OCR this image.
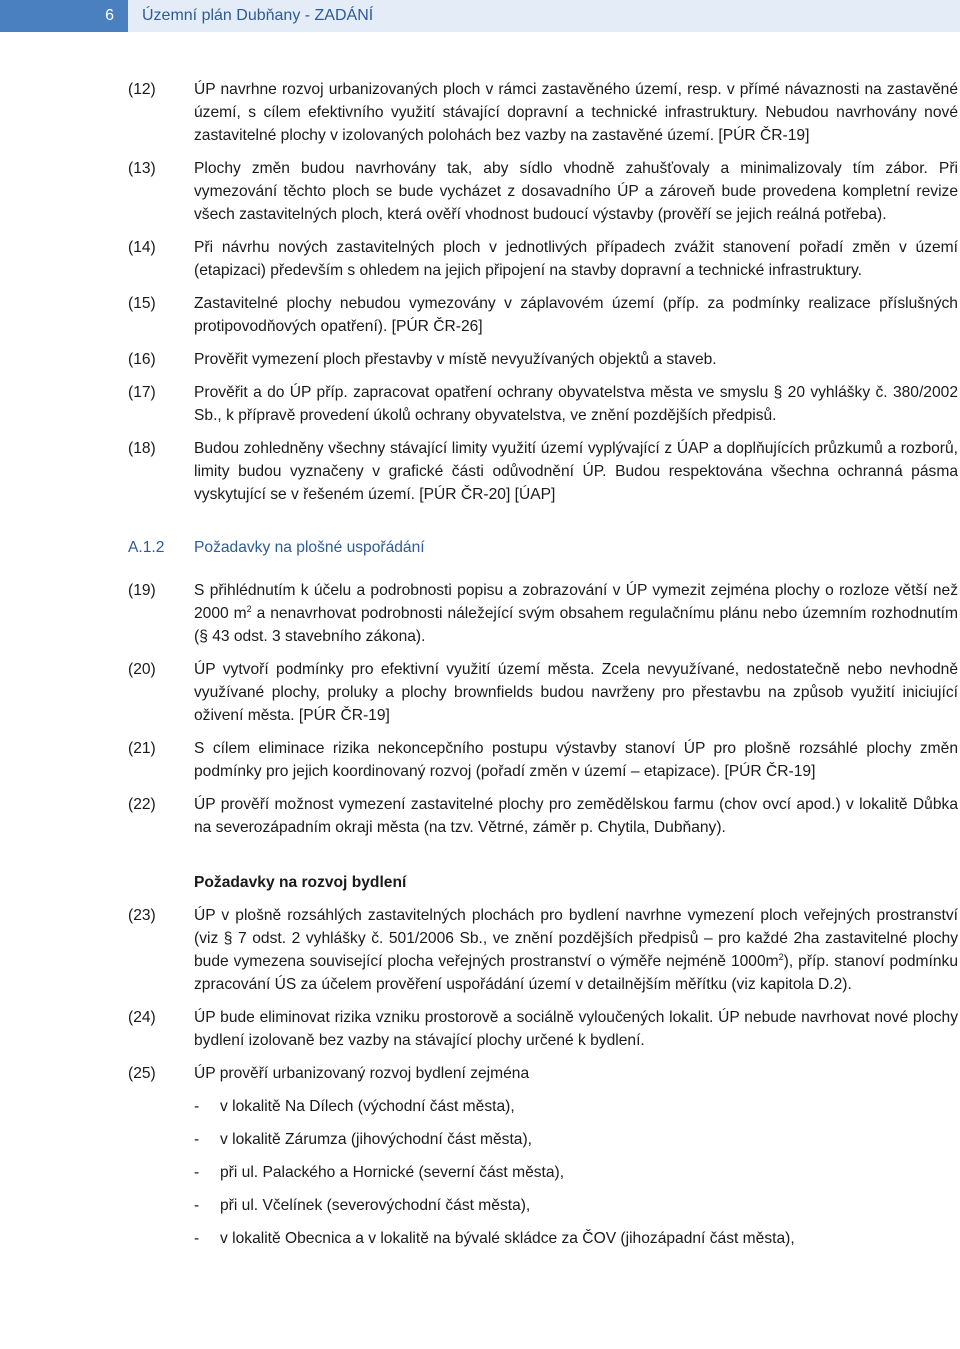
6	Územní plán Dubňany - ZADÁNÍ
(12) ÚP navrhne rozvoj urbanizovaných ploch v rámci zastavěného území, resp. v přímé návaznosti na zastavěné území, s cílem efektivního využití stávající dopravní a technické infrastruktury. Nebudou navrhovány nové zastavitelné plochy v izolovaných polohách bez vazby na zastavěné území. [PÚR ČR-19]
(13) Plochy změn budou navrhovány tak, aby sídlo vhodně zahušťovaly a minimalizovaly tím zábor. Při vymezování těchto ploch se bude vycházet z dosavadního ÚP a zároveň bude provedena kompletní revize všech zastavitelných ploch, která ověří vhodnost budoucí výstavby (prověří se jejich reálná potřeba).
(14) Při návrhu nových zastavitelných ploch v jednotlivých případech zvážit stanovení pořadí změn v území (etapizaci) především s ohledem na jejich připojení na stavby dopravní a technické infrastruktury.
(15) Zastavitelné plochy nebudou vymezovány v záplavovém území (příp. za podmínky realizace příslušných protipovodňových opatření). [PÚR ČR-26]
(16) Prověřit vymezení ploch přestavby v místě nevyužívaných objektů a staveb.
(17) Prověřit a do ÚP příp. zapracovat opatření ochrany obyvatelstva města ve smyslu § 20 vyhlášky č. 380/2002 Sb., k přípravě provedení úkolů ochrany obyvatelstva, ve znění pozdějších předpisů.
(18) Budou zohledněny všechny stávající limity využití území vyplývající z ÚAP a doplňujících průzkumů a rozborů, limity budou vyznačeny v grafické části odůvodnění ÚP. Budou respektována všechna ochranná pásma vyskytující se v řešeném území. [PÚR ČR-20] [ÚAP]
A.1.2 Požadavky na plošné uspořádání
(19) S přihlédnutím k účelu a podrobnosti popisu a zobrazování v ÚP vymezit zejména plochy o rozloze větší než 2000 $m^2$ a nenavrhovat podrobnosti náležející svým obsahem regulačnímu plánu nebo územním rozhodnutím (§ 43 odst. 3 stavebního zákona).
(20) ÚP vytvoří podmínky pro efektivní využití území města. Zcela nevyužívané, nedostatečně nebo nevhodně využívané plochy, proluky a plochy brownfields budou navrženy pro přestavbu na způsob využití iniciující oživení města. [PÚR ČR-19]
(21) S cílem eliminace rizika nekoncepčního postupu výstavby stanoví ÚP pro plošně rozsáhlé plochy změn podmínky pro jejich koordinovaný rozvoj (pořadí změn v území – etapizace). [PÚR ČR-19]
(22) ÚP prověří možnost vymezení zastavitelné plochy pro zemědělskou farmu (chov ovcí apod.) v lokalitě Důbka na severozápadním okraji města (na tzv. Větrné, záměr p. Chytila, Dubňany).
Požadavky na rozvoj bydlení
(23) ÚP v plošně rozsáhlých zastavitelných plochách pro bydlení navrhne vymezení ploch veřejných prostranství (viz § 7 odst. 2 vyhlášky č. 501/2006 Sb., ve znění pozdějších předpisů – pro každé 2ha zastavitelné plochy bude vymezena související plocha veřejných prostranství o výměře nejméně $1000m^2$), příp. stanoví podmínku zpracování ÚS za účelem prověření uspořádání území v detailnějším měřítku (viz kapitola D.2).
(24) ÚP bude eliminovat rizika vzniku prostorově a sociálně vyloučených lokalit. ÚP nebude navrhovat nové plochy bydlení izolovaně bez vazby na stávající plochy určené k bydlení.
(25) ÚP prověří urbanizovaný rozvoj bydlení zejména
- v lokalitě Na Dílech (východní část města),
- v lokalitě Zárumza (jihovýchodní část města),
- při ul. Palackého a Hornické (severní část města),
- při ul. Včelínek (severovýchodní část města),
- v lokalitě Obecnica a v lokalitě na bývalé skládce za ČOV (jihozápadní část města),
